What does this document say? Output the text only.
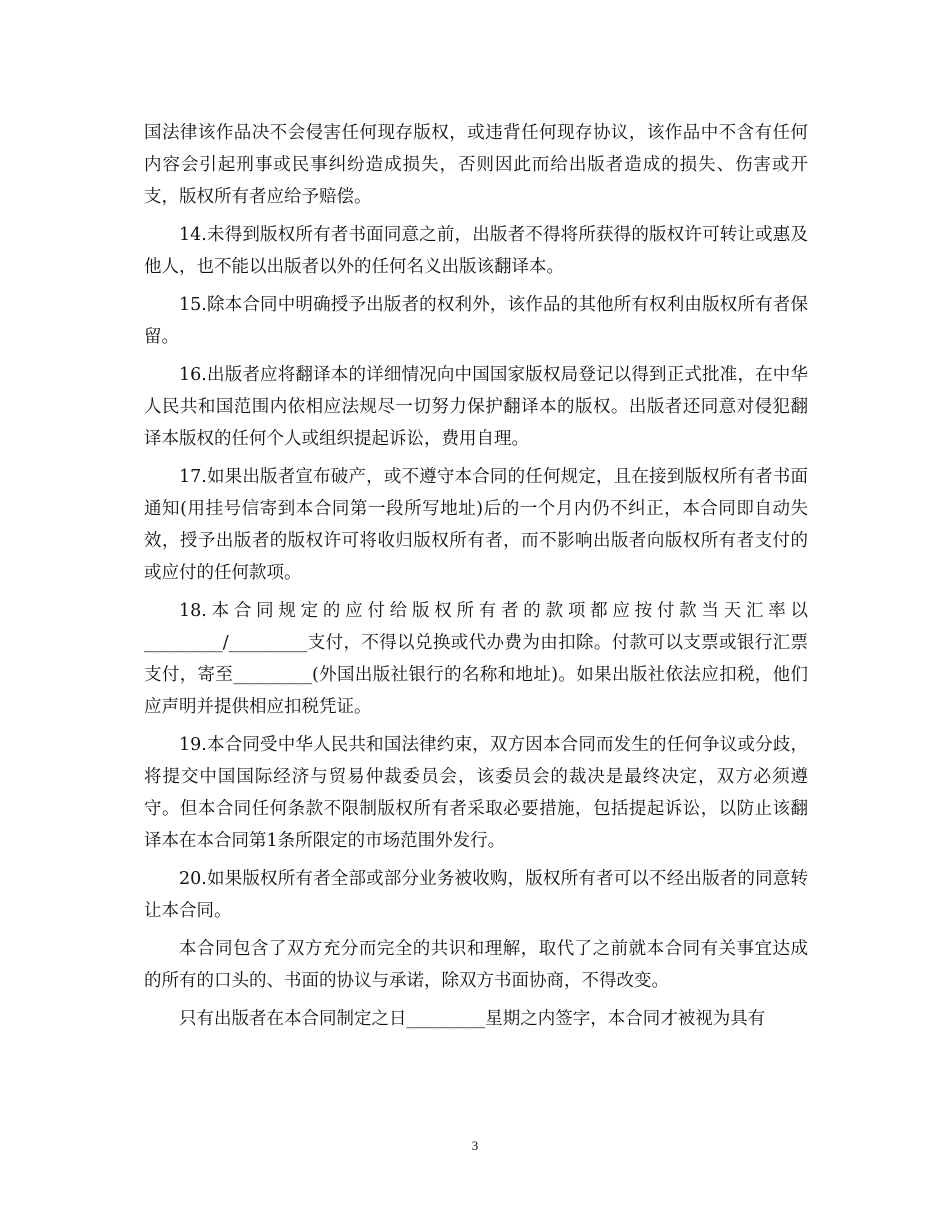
国法律该作品决不会侵害任何现存版权，或违背任何现存协议，该作品中不含有任何内容会引起刑事或民事纠纷造成损失，否则因此而给出版者造成的损失、伤害或开支，版权所有者应给予赔偿。

14.未得到版权所有者书面同意之前，出版者不得将所获得的版权许可转让或惠及他人，也不能以出版者以外的任何名义出版该翻译本。

15.除本合同中明确授予出版者的权利外，该作品的其他所有权利由版权所有者保留。

16.出版者应将翻译本的详细情况向中国国家版权局登记以得到正式批准，在中华人民共和国范围内依相应法规尽一切努力保护翻译本的版权。出版者还同意对侵犯翻译本版权的任何个人或组织提起诉讼，费用自理。

17.如果出版者宣布破产，或不遵守本合同的任何规定，且在接到版权所有者书面通知(用挂号信寄到本合同第一段所写地址)后的一个月内仍不纠正，本合同即自动失效，授予出版者的版权许可将收归版权所有者，而不影响出版者向版权所有者支付的或应付的任何款项。

18.本合同规定的应付给版权所有者的款项都应按付款当天汇率以_________/_________支付，不得以兑换或代办费为由扣除。付款可以支票或银行汇票支付，寄至_________(外国出版社银行的名称和地址)。如果出版社依法应扣税，他们应声明并提供相应扣税凭证。

19.本合同受中华人民共和国法律约束，双方因本合同而发生的任何争议或分歧，将提交中国国际经济与贸易仲裁委员会，该委员会的裁决是最终决定，双方必须遵守。但本合同任何条款不限制版权所有者采取必要措施，包括提起诉讼，以防止该翻译本在本合同第1条所限定的市场范围外发行。

20.如果版权所有者全部或部分业务被收购，版权所有者可以不经出版者的同意转让本合同。

本合同包含了双方充分而完全的共识和理解，取代了之前就本合同有关事宜达成的所有的口头的、书面的协议与承诺，除双方书面协商，不得改变。

只有出版者在本合同制定之日_________星期之内签字，本合同才被视为具有

3
